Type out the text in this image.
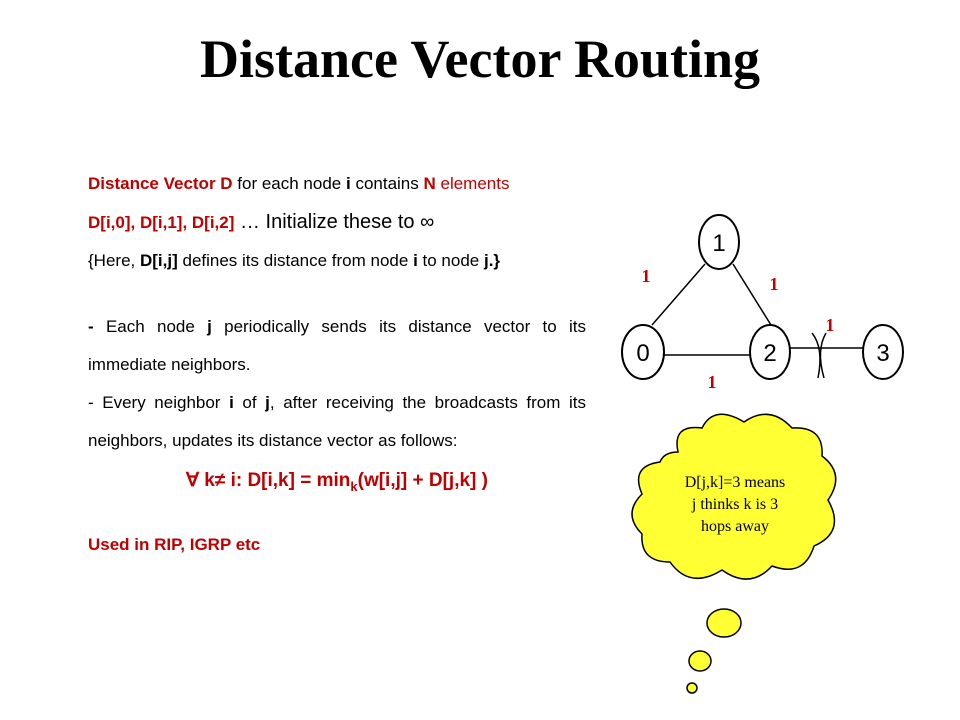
Distance Vector Routing

Distance Vector D for each node i contains N elements

D[i,0], D[i,1], D[i,2] … Initialize these to ∞

{Here, D[i,j] defines its distance from node i to node j.}

- Each node j periodically sends its distance vector to its immediate neighbors.

- Every neighbor i of j, after receiving the broadcasts from its neighbors, updates its distance vector as follows:

∀ k≠ i: $D[i,k] = \min_k(w[i,j] + D[j,k]$ )

Used in RIP, IGRP etc

1
0	2	3
1	1
1
1
D[j,k]=3 means
j thinks k is 3
hops away
